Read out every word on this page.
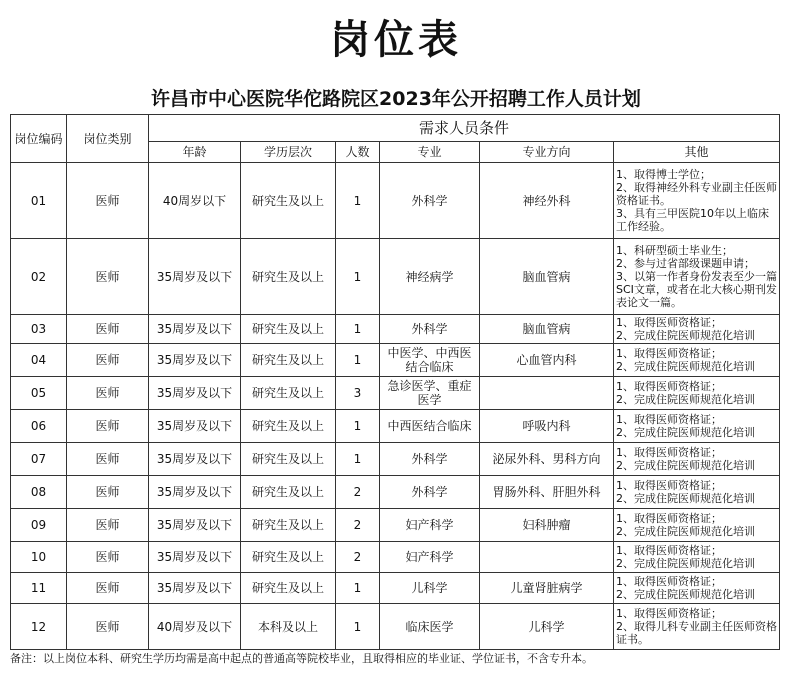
岗位表
许昌市中心医院华佗路院区2023年公开招聘工作人员计划
岗位编码	岗位类别	需求人员条件					
		年龄	学历层次	人数	专业	专业方向	其他
01	医师	40周岁以下	研究生及以上	1	外科学	神经外科	1、取得博士学位；
2、取得神经外科专业副主任医师资格证书。
3、具有三甲医院10年以上临床工作经验。
02	医师	35周岁及以下	研究生及以上	1	神经病学	脑血管病	1、科研型硕士毕业生；
2、参与过省部级课题申请；
3、以第一作者身份发表至少一篇SCI文章，或者在北大核心期刊发表论文一篇。
03	医师	35周岁及以下	研究生及以上	1	外科学	脑血管病	1、取得医师资格证；
2、完成住院医师规范化培训
04	医师	35周岁及以下	研究生及以上	1	中医学、中西医结合临床	心血管内科	1、取得医师资格证；
2、完成住院医师规范化培训
05	医师	35周岁及以下	研究生及以上	3	急诊医学、重症医学		1、取得医师资格证；
2、完成住院医师规范化培训
06	医师	35周岁及以下	研究生及以上	1	中西医结合临床	呼吸内科	1、取得医师资格证；
2、完成住院医师规范化培训
07	医师	35周岁及以下	研究生及以上	1	外科学	泌尿外科、男科方向	1、取得医师资格证；
2、完成住院医师规范化培训
08	医师	35周岁及以下	研究生及以上	2	外科学	胃肠外科、肝胆外科	1、取得医师资格证；
2、完成住院医师规范化培训
09	医师	35周岁及以下	研究生及以上	2	妇产科学	妇科肿瘤	1、取得医师资格证；
2、完成住院医师规范化培训
10	医师	35周岁及以下	研究生及以上	2	妇产科学		1、取得医师资格证；
2、完成住院医师规范化培训
11	医师	35周岁及以下	研究生及以上	1	儿科学	儿童肾脏病学	1、取得医师资格证；
2、完成住院医师规范化培训
12	医师	40周岁及以下	本科及以上	1	临床医学	儿科学	1、取得医师资格证；
2、取得儿科专业副主任医师资格证书。
备注：以上岗位本科、研究生学历均需是高中起点的普通高等院校毕业，且取得相应的毕业证、学位证书，不含专升本。
